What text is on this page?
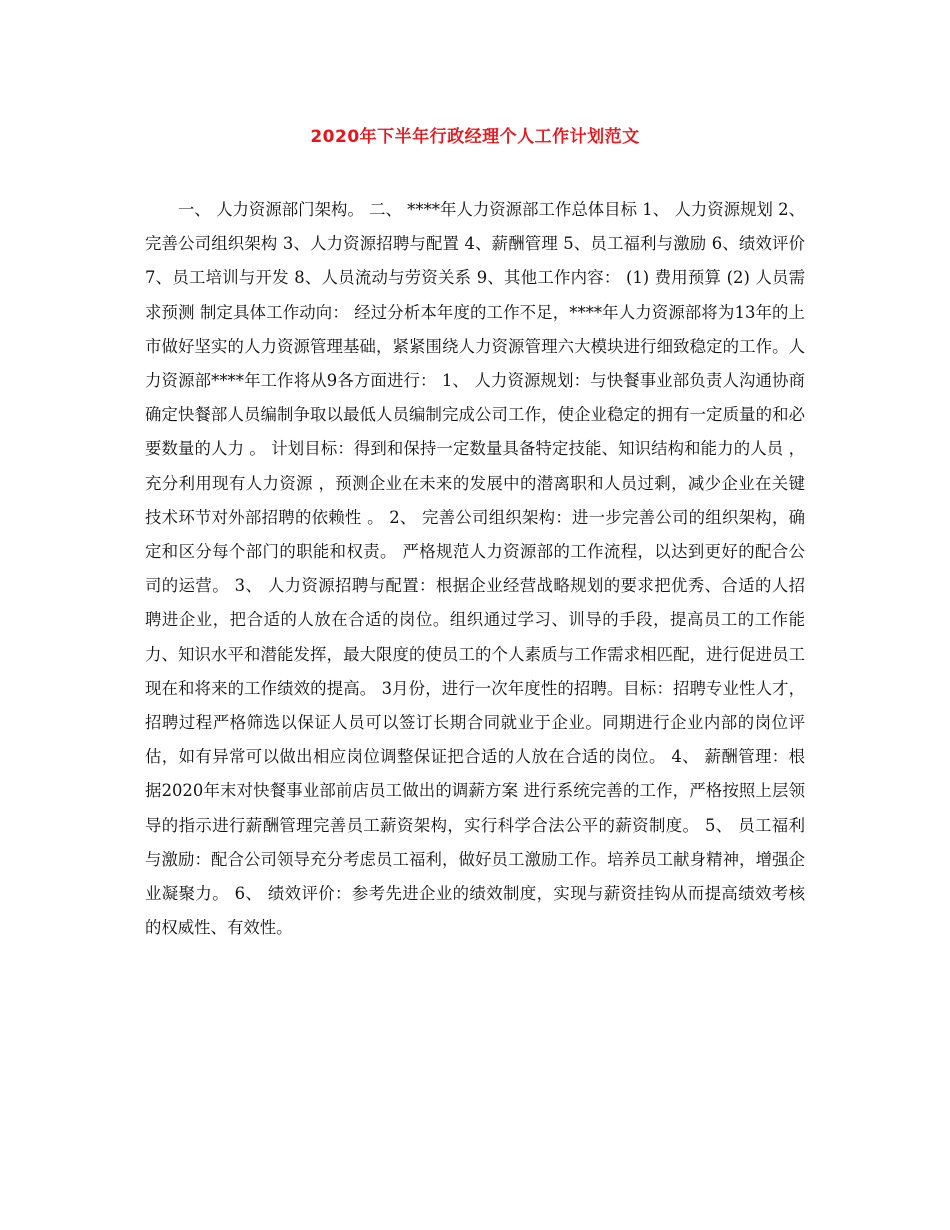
2020年下半年行政经理个人工作计划范文

一、 人力资源部门架构。 二、 ****年人力资源部工作总体目标 1、 人力资源规划 2、完善公司组织架构 3、人力资源招聘与配置 4、薪酬管理 5、员工福利与激励 6、绩效评价 7、员工培训与开发 8、人员流动与劳资关系 9、其他工作内容： (1) 费用预算 (2) 人员需求预测 制定具体工作动向： 经过分析本年度的工作不足，****年人力资源部将为13年的上市做好坚实的人力资源管理基础，紧紧围绕人力资源管理六大模块进行细致稳定的工作。人力资源部****年工作将从9各方面进行： 1、 人力资源规划：与快餐事业部负责人沟通协商确定快餐部人员编制争取以最低人员编制完成公司工作，使企业稳定的拥有一定质量的和必要数量的人力 。 计划目标：得到和保持一定数量具备特定技能、知识结构和能力的人员 ，充分利用现有人力资源 ，预测企业在未来的发展中的潜离职和人员过剩，减少企业在关键技术环节对外部招聘的依赖性 。 2、 完善公司组织架构：进一步完善公司的组织架构，确定和区分每个部门的职能和权责。 严格规范人力资源部的工作流程，以达到更好的配合公司的运营。 3、 人力资源招聘与配置：根据企业经营战略规划的要求把优秀、合适的人招聘进企业，把合适的人放在合适的岗位。组织通过学习、训导的手段，提高员工的工作能力、知识水平和潜能发挥，最大限度的使员工的个人素质与工作需求相匹配，进行促进员工现在和将来的工作绩效的提高。 3月份，进行一次年度性的招聘。目标：招聘专业性人才，招聘过程严格筛选以保证人员可以签订长期合同就业于企业。同期进行企业内部的岗位评估，如有异常可以做出相应岗位调整保证把合适的人放在合适的岗位。 4、 薪酬管理：根据2020年末对快餐事业部前店员工做出的调薪方案 进行系统完善的工作，严格按照上层领导的指示进行薪酬管理完善员工薪资架构，实行科学合法公平的薪资制度。 5、 员工福利与激励：配合公司领导充分考虑员工福利，做好员工激励工作。培养员工献身精神，增强企业凝聚力。 6、 绩效评价：参考先进企业的绩效制度，实现与薪资挂钩从而提高绩效考核的权威性、有效性。
